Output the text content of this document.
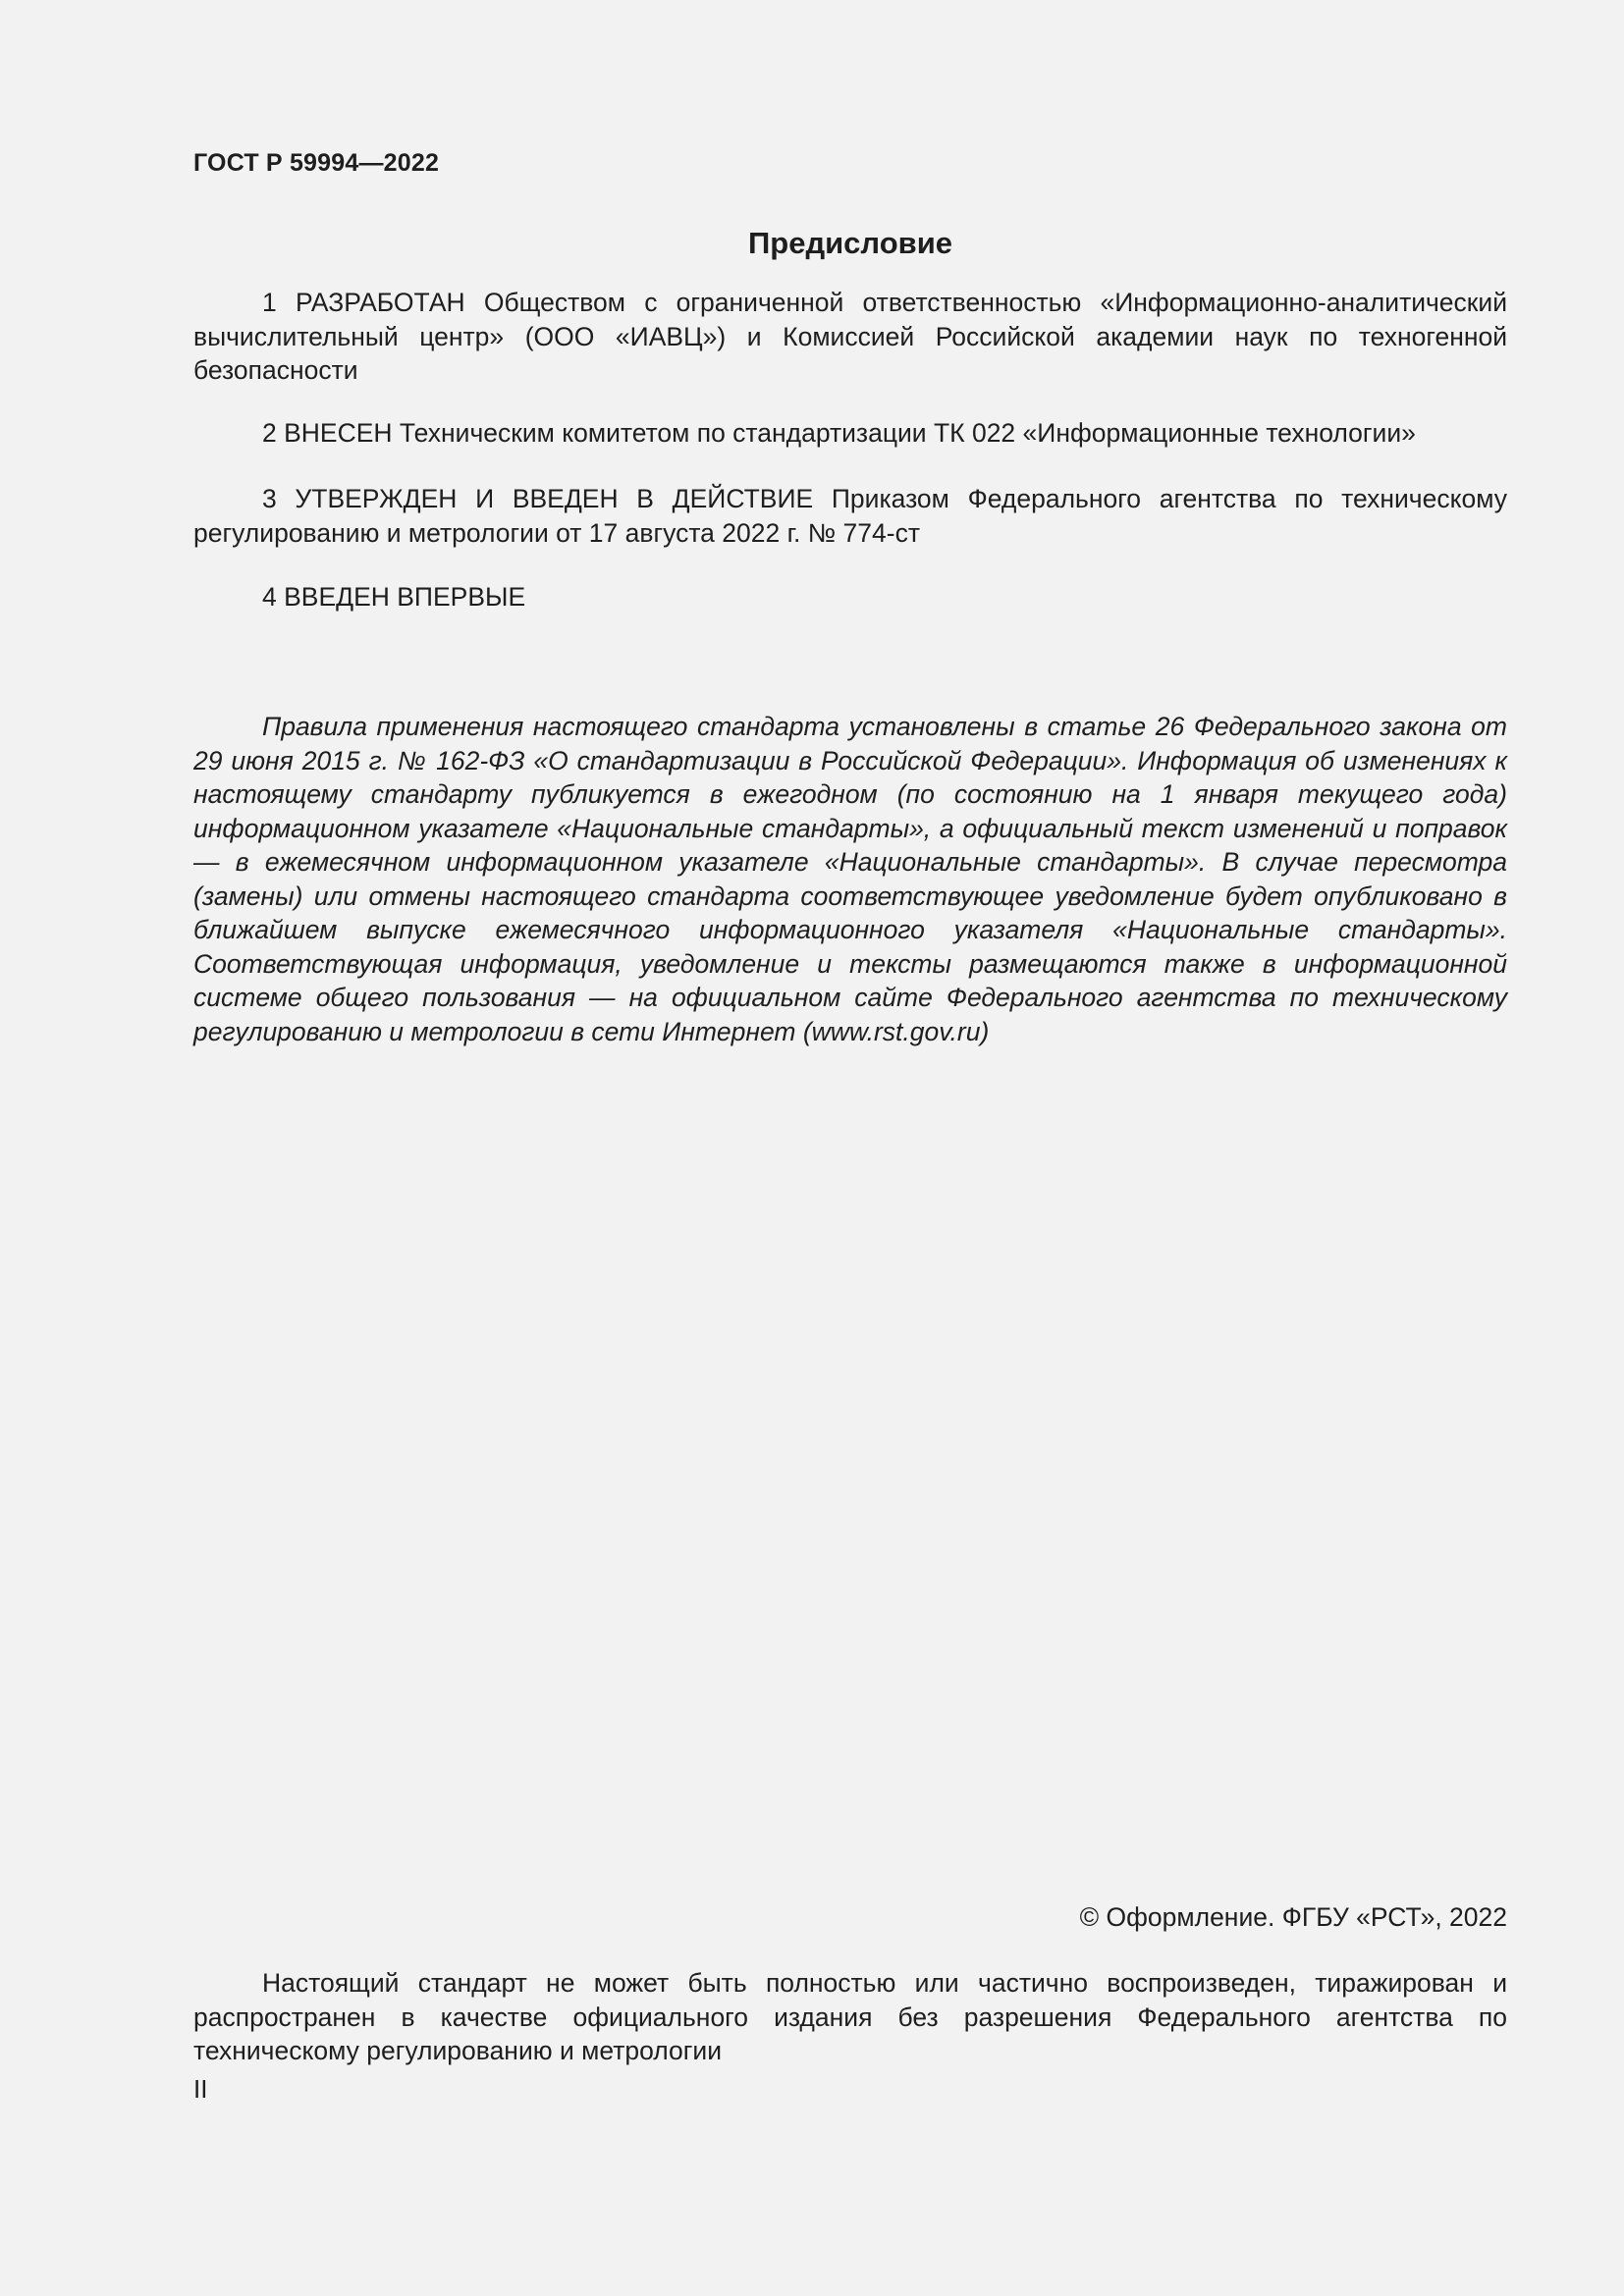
ГОСТ Р 59994—2022
Предисловие

1 РАЗРАБОТАН Обществом с ограниченной ответственностью «Информационно-аналитический вычислительный центр» (ООО «ИАВЦ») и Комиссией Российской академии наук по техногенной безопасности

2 ВНЕСЕН Техническим комитетом по стандартизации ТК 022 «Информационные технологии»

3 УТВЕРЖДЕН И ВВЕДЕН В ДЕЙСТВИЕ Приказом Федерального агентства по техническому регулированию и метрологии от 17 августа 2022 г. № 774-ст

4 ВВЕДЕН ВПЕРВЫЕ

Правила применения настоящего стандарта установлены в статье 26 Федерального закона от 29 июня 2015 г. № 162-ФЗ «О стандартизации в Российской Федерации». Информация об изменениях к настоящему стандарту публикуется в ежегодном (по состоянию на 1 января текущего года) информационном указателе «Национальные стандарты», а официальный текст изменений и поправок — в ежемесячном информационном указателе «Национальные стандарты». В случае пересмотра (замены) или отмены настоящего стандарта соответствующее уведомление будет опубликовано в ближайшем выпуске ежемесячного информационного указателя «Национальные стандарты». Соответствующая информация, уведомление и тексты размещаются также в информационной системе общего пользования — на официальном сайте Федерального агентства по техническому регулированию и метрологии в сети Интернет (www.rst.gov.ru)

© Оформление. ФГБУ «РСТ», 2022

Настоящий стандарт не может быть полностью или частично воспроизведен, тиражирован и распространен в качестве официального издания без разрешения Федерального агентства по техническому регулированию и метрологии

II
